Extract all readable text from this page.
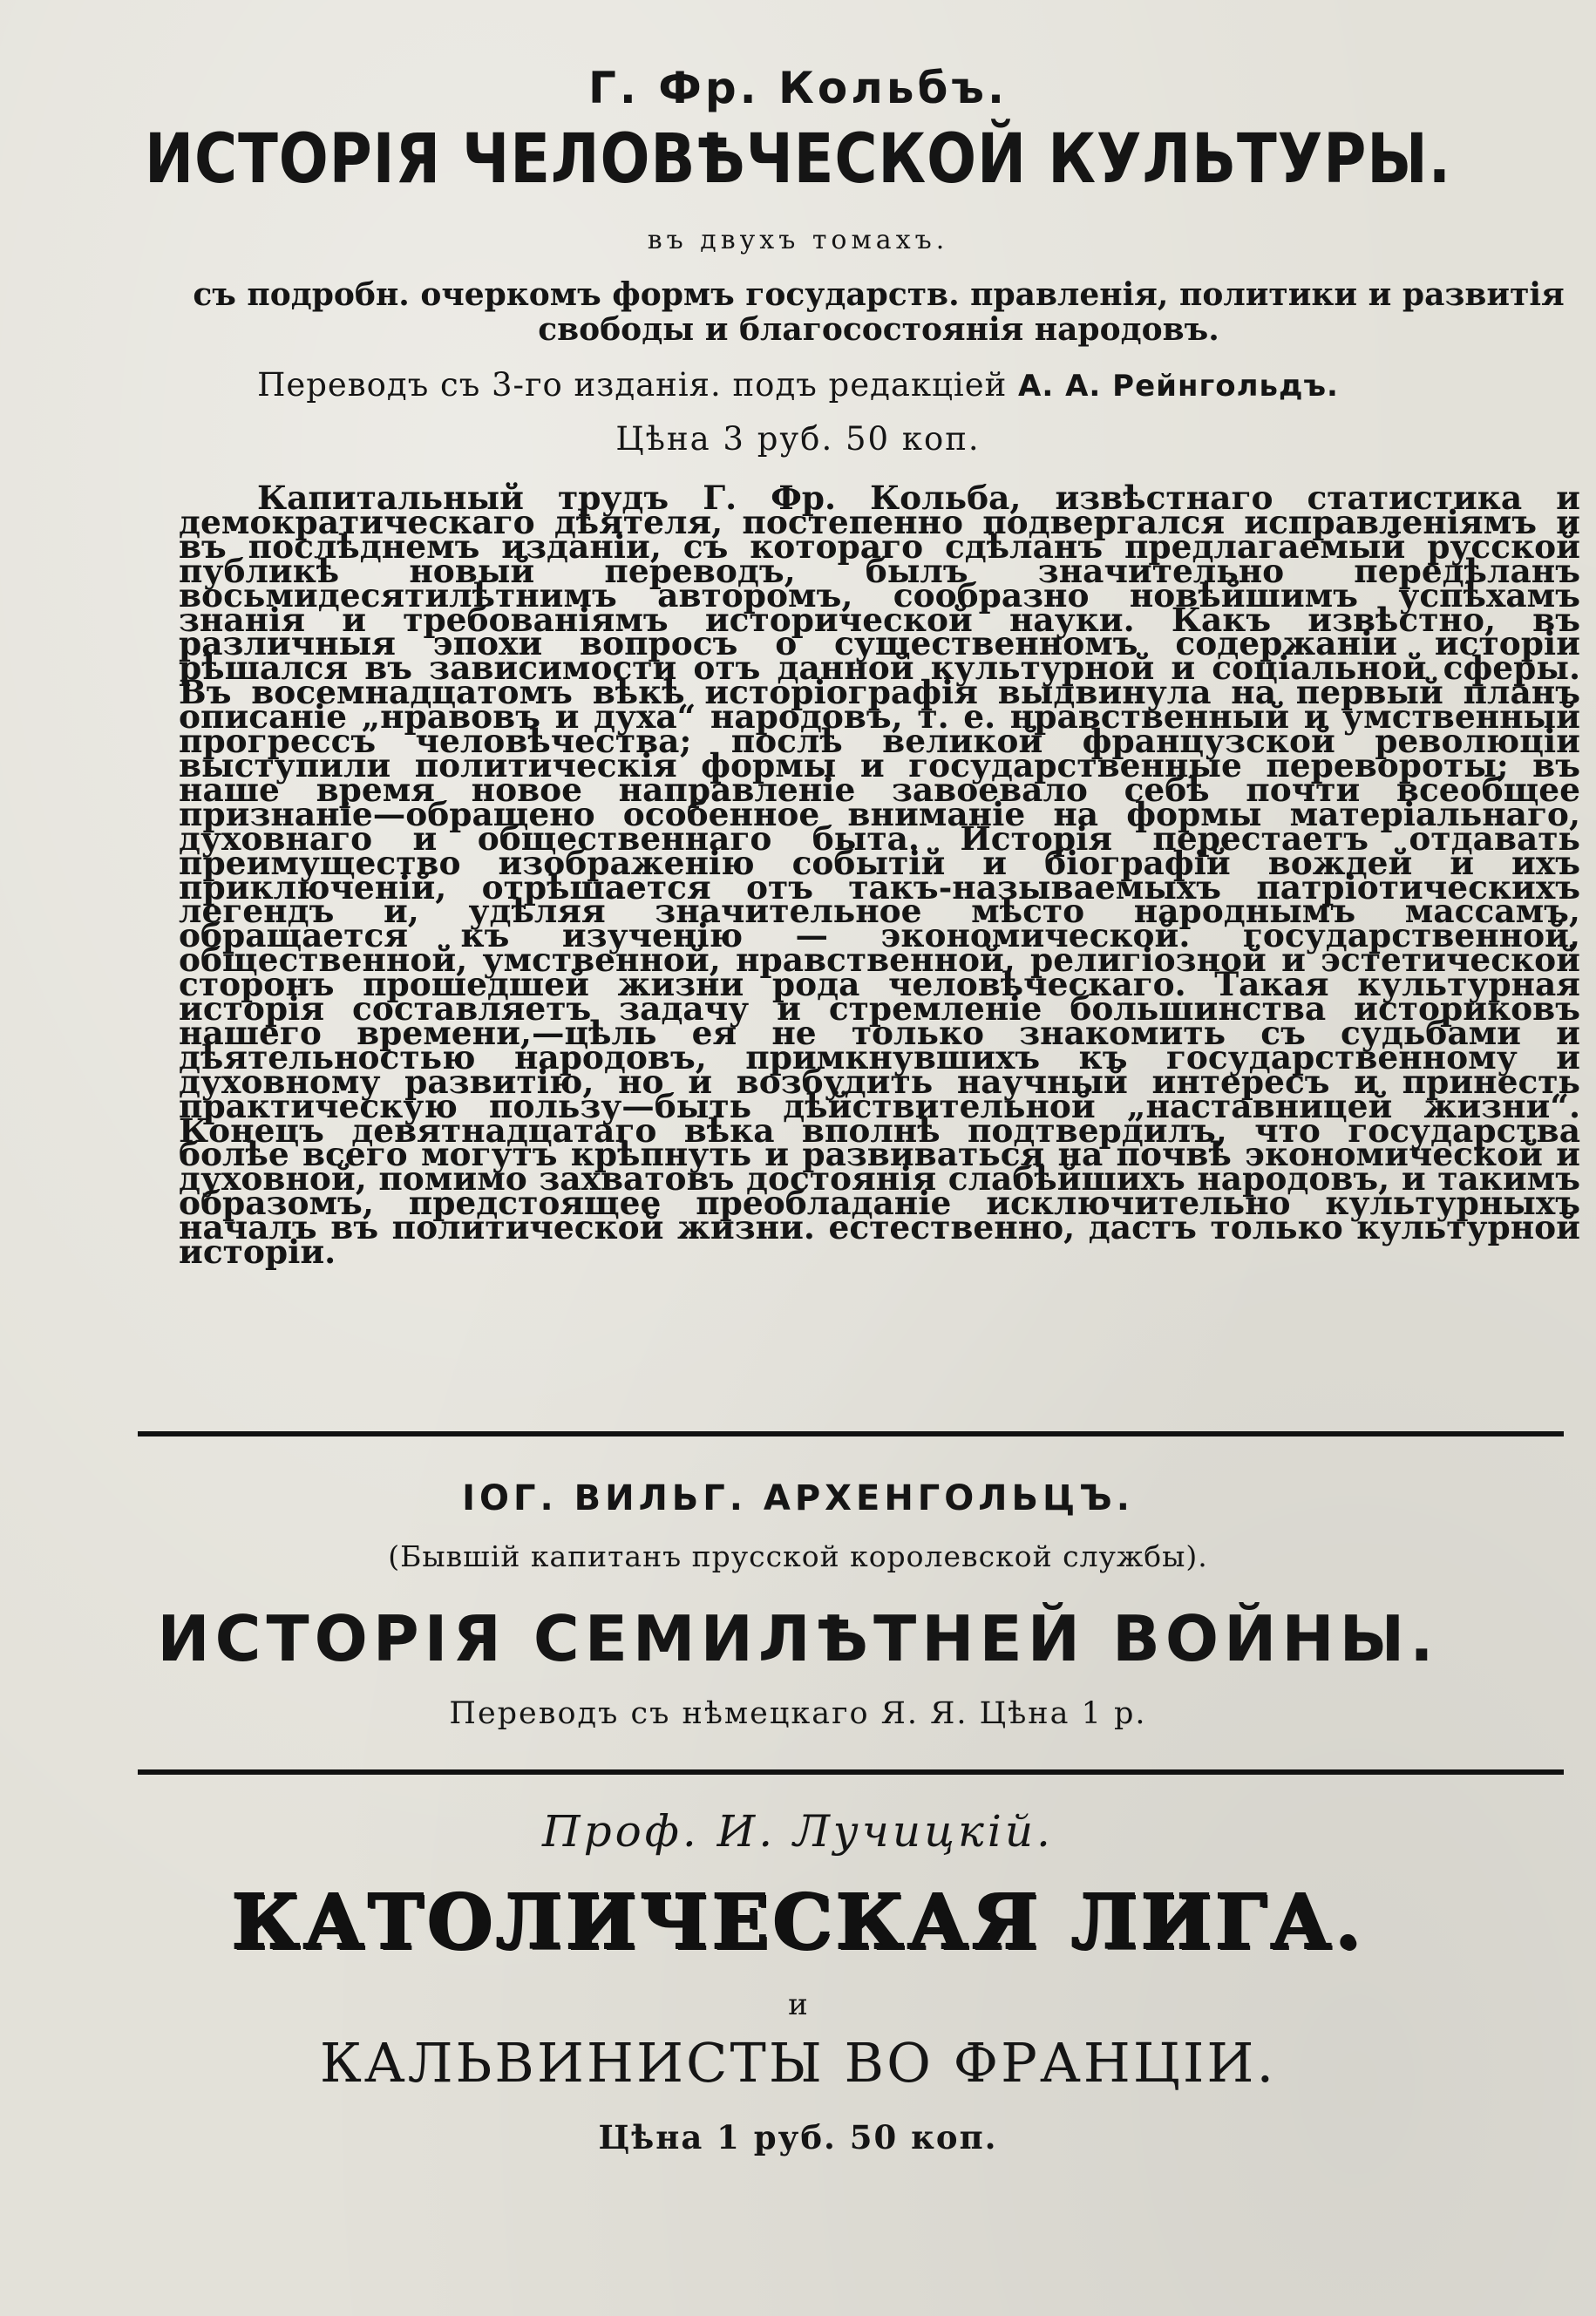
Г. Фр. Кольбъ.
ИСТОРІЯ ЧЕЛОВѢЧЕСКОЙ КУЛЬТУРЫ.
въ двухъ томахъ.
съ подробн. очеркомъ формъ государств. правленія, политики и развитія свободы и благосостоянія народовъ.
Переводъ съ 3-го изданія. подъ редакціей А. А. Рейнгольдъ.
Цѣна 3 руб. 50 коп.

Капитальный трудъ Г. Фр. Кольба, извѣстнаго статистика и демократическаго дѣятеля, постепенно подвергался исправленіямъ и въ послѣднемъ изданіи, съ котораго сдѣланъ предлагаемый русской публикѣ новый переводъ, былъ значительно передѣланъ восьмидесятилѣтнимъ авторомъ, сообразно новѣйшимъ успѣхамъ знанія и требованіямъ исторической науки. Какъ извѣстно, въ различныя эпохи вопросъ о существенномъ содержаніи исторіи рѣшался въ зависимости отъ данной культурной и соціальной сферы. Въ восемнадцатомъ вѣкѣ исторіографія выдвинула на первый планъ описаніе „нравовъ и духа“ народовъ, т. е. нравственный и умственный прогрессъ человѣчества; послѣ великой французской революціи выступили политическія формы и государственные перевороты; въ наше время новое направленіе завоевало себѣ почти всеобщее признаніе—обращено особенное вниманіе на формы матеріальнаго, духовнаго и общественнаго быта. Исторія перестаетъ отдавать преимущество изображенію событій и біографій вождей и ихъ приключеній, отрѣшается отъ такъ-называемыхъ патріотическихъ легендъ и, удѣляя значительное мѣсто народнымъ массамъ, обращается къ изученію — экономической. государственной, общественной, умственной, нравственной, религіозной и эстетической сторонъ прошедшей жизни рода человѣческаго. Такая культурная исторія составляетъ задачу и стремленіе большинства историковъ нашего времени,—цѣль ея не только знакомить съ судьбами и дѣятельностью народовъ, примкнувшихъ къ государственному и духовному развитію, но и возбудить научный интересъ и принесть практическую пользу—быть дѣйствительной „наставницей жизни“. Конецъ девятнадцатаго вѣка вполнѣ подтвердилъ, что государства болѣе всего могутъ крѣпнуть и развиваться на почвѣ экономической и духовной, помимо захватовъ достоянія слабѣйшихъ народовъ, и такимъ образомъ, предстоящее преобладаніе исключительно культурныхъ началъ въ политической жизни. естественно, дастъ только культурной исторіи.

ІОГ. ВИЛЬГ. АРХЕНГОЛЬЦЪ.
(Бывшій капитанъ прусской королевской службы).
ИСТОРІЯ СЕМИЛѢТНЕЙ ВОЙНЫ.
Переводъ съ нѣмецкаго Я. Я. Цѣна 1 р.
Проф. И. Лучицкій.
КАТОЛИЧЕСКАЯ ЛИГА.
и
КАЛЬВИНИСТЫ ВО ФРАНЦІИ.
Цѣна 1 руб. 50 коп.
